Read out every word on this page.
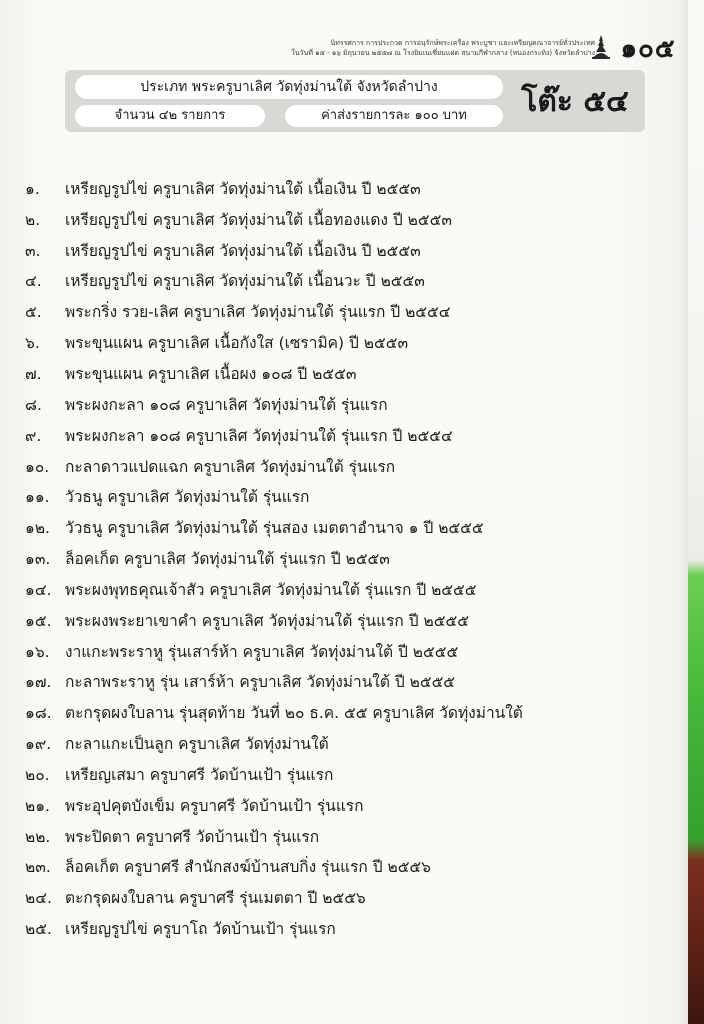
นิทรรศการ การประกวด การอนุรักษ์พระเครื่อง พระบูชา และเหรียญคณาจารย์ทั่วประเทศ
ในวันที่ ๑๕ - ๑๖ มิถุนายน ๒๕๕๗ ณ โรงยิมเนเซี่ยมแฝด สนามกีฬากลาง (หนองกระทิง) จังหวัดลำปาง ๑๐๕
ประเภท พระครูบาเลิศ วัดทุ่งม่านใต้ จังหวัดลำปาง
จำนวน ๔๒ รายการ	ค่าส่งรายการละ ๑๐๐ บาท	โต๊ะ ๕๔
๑.	เหรียญรูปไข่ ครูบาเลิศ วัดทุ่งม่านใต้ เนื้อเงิน ปี ๒๕๕๓
๒.	เหรียญรูปไข่ ครูบาเลิศ วัดทุ่งม่านใต้ เนื้อทองแดง ปี ๒๕๕๓
๓.	เหรียญรูปไข่ ครูบาเลิศ วัดทุ่งม่านใต้ เนื้อเงิน ปี ๒๕๕๓
๔.	เหรียญรูปไข่ ครูบาเลิศ วัดทุ่งม่านใต้ เนื้อนวะ ปี ๒๕๕๓
๕.	พระกริ่ง รวย-เลิศ ครูบาเลิศ วัดทุ่งม่านใต้ รุ่นแรก ปี ๒๕๕๔
๖.	พระขุนแผน ครูบาเลิศ เนื้อกังใส (เซรามิค) ปี ๒๕๕๓
๗.	พระขุนแผน ครูบาเลิศ เนื้อผง ๑๐๘ ปี ๒๕๕๓
๘.	พระผงกะลา ๑๐๘ ครูบาเลิศ วัดทุ่งม่านใต้ รุ่นแรก
๙.	พระผงกะลา ๑๐๘ ครูบาเลิศ วัดทุ่งม่านใต้ รุ่นแรก ปี ๒๕๕๔
๑๐.	กะลาดาวแปดแฉก ครูบาเลิศ วัดทุ่งม่านใต้ รุ่นแรก
๑๑. วัวธนู ครูบาเลิศ วัดทุ่งม่านใต้ รุ่นแรก
๑๒. วัวธนู ครูบาเลิศ วัดทุ่งม่านใต้ รุ่นสอง เมตตาอำนาจ ๑ ปี ๒๕๕๕
๑๓. ล็อคเก็ต ครูบาเลิศ วัดทุ่งม่านใต้ รุ่นแรก ปี ๒๕๕๓
๑๔. พระผงพุทธคุณเจ้าสัว ครูบาเลิศ วัดทุ่งม่านใต้ รุ่นแรก ปี ๒๕๕๕
๑๕. พระผงพระยาเขาคำ ครูบาเลิศ วัดทุ่งม่านใต้ รุ่นแรก ปี ๒๕๕๕
๑๖. งาแกะพระราหู รุ่นเสาร์ห้า ครูบาเลิศ วัดทุ่งม่านใต้ ปี ๒๕๕๕
๑๗. กะลาพระราหู รุ่น เสาร์ห้า ครูบาเลิศ วัดทุ่งม่านใต้ ปี ๒๕๕๕
๑๘. ตะกรุดผงใบลาน รุ่นสุดท้าย วันที่ ๒๐ ธ.ค. ๕๕ ครูบาเลิศ วัดทุ่งม่านใต้
๑๙. กะลาแกะเป็นลูก ครูบาเลิศ วัดทุ่งม่านใต้
๒๐. เหรียญเสมา ครูบาศรี วัดบ้านเป้า รุ่นแรก
๒๑. พระอุปคุตบังเข็ม ครูบาศรี วัดบ้านเป้า รุ่นแรก
๒๒. พระปิดตา ครูบาศรี วัดบ้านเป้า รุ่นแรก
๒๓. ล็อคเก็ต ครูบาศรี สำนักสงฆ์บ้านสบกิ่ง รุ่นแรก ปี ๒๕๕๖
๒๔. ตะกรุดผงใบลาน ครูบาศรี รุ่นเมตตา ปี ๒๕๕๖
๒๕. เหรียญรูปไข่ ครูบาโถ วัดบ้านเป้า รุ่นแรก
